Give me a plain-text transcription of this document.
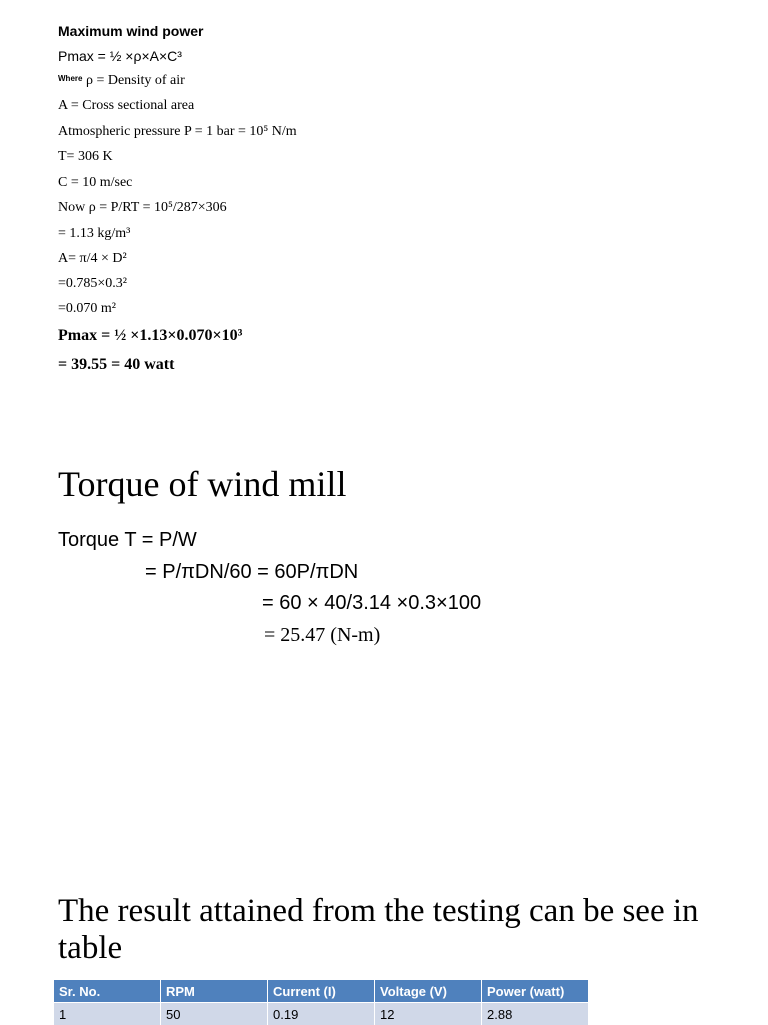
Maximum wind power
Pmax = ½ ×ρ×A×C³
$^{Where}$ ρ = Density of air
A = Cross sectional area
Atmospheric pressure P = 1 bar = 10⁵ N/m
T= 306 K
C = 10 m/sec
Now ρ = P/RT = 10⁵/287×306
= 1.13 kg/m³
A= π/4 × D²
=0.785×0.3²
=0.070 m²
Pmax = ½ ×1.13×0.070×10³
= 39.55 = 40 watt
Torque of wind mill
Torque T = P/W
= P/πDN/60 = 60P/πDN
= 60 × 40/3.14 ×0.3×100
= 25.47 (N-m)
The result attained from the testing can be see in table
Sr. No.	RPM	Current (I)	Voltage (V)	Power (watt)
1	50	0.19	12	2.88
